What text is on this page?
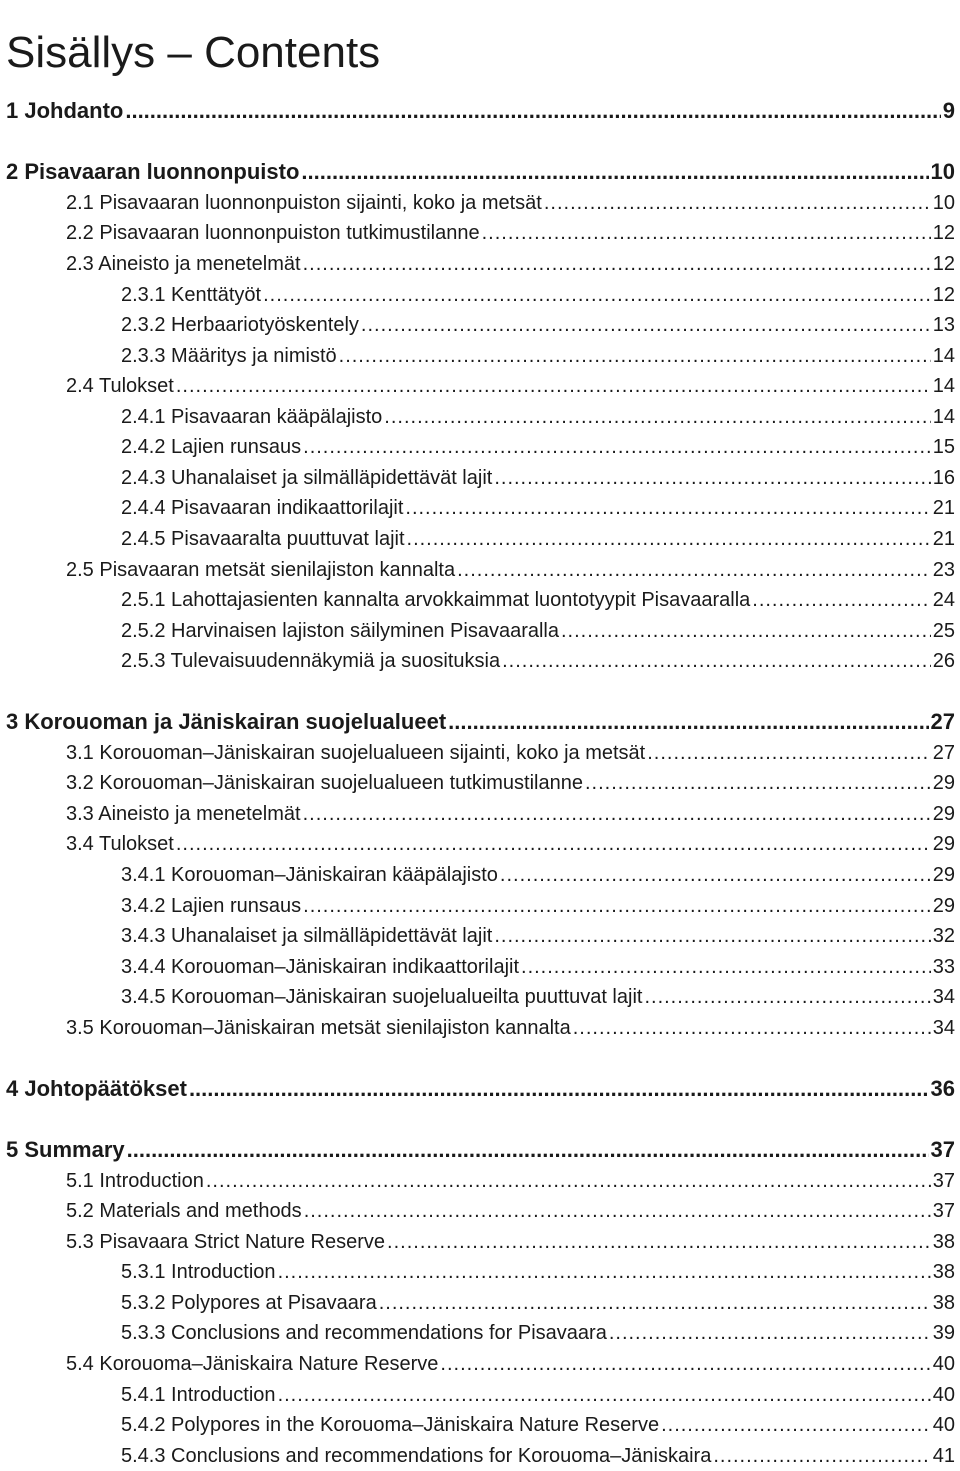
Sisällys – Contents
1 Johdanto .....	9
2 Pisavaaran luonnonpuisto .....	10
2.1 Pisavaaran luonnonpuiston sijainti, koko ja metsät .....	10
2.2 Pisavaaran luonnonpuiston tutkimustilanne .....	12
2.3 Aineisto ja menetelmät .....	12
2.3.1 Kenttätyöt .....	12
2.3.2 Herbaariotyöskentely .....	13
2.3.3 Määritys ja nimistö .....	14
2.4 Tulokset .....	14
2.4.1 Pisavaaran kääpälajisto .....	14
2.4.2 Lajien runsaus .....	15
2.4.3 Uhanalaiset ja silmälläpidettävät lajit .....	16
2.4.4 Pisavaaran indikaattorilajit .....	21
2.4.5 Pisavaaralta puuttuvat lajit .....	21
2.5 Pisavaaran metsät sienilajiston kannalta .....	23
2.5.1 Lahottajasienten kannalta arvokkaimmat luontotyypit Pisavaaralla .....	24
2.5.2 Harvinaisen lajiston säilyminen Pisavaaralla .....	25
2.5.3 Tulevaisuudennäkymiä ja suosituksia .....	26
3 Korouoman ja Jäniskairan suojelualueet .....	27
3.1 Korouoman–Jäniskairan suojelualueen sijainti, koko ja metsät .....	27
3.2 Korouoman–Jäniskairan suojelualueen tutkimustilanne .....	29
3.3 Aineisto ja menetelmät .....	29
3.4 Tulokset .....	29
3.4.1 Korouoman–Jäniskairan kääpälajisto .....	29
3.4.2 Lajien runsaus .....	29
3.4.3 Uhanalaiset ja silmälläpidettävät lajit .....	32
3.4.4 Korouoman–Jäniskairan indikaattorilajit .....	33
3.4.5 Korouoman–Jäniskairan suojelualueilta puuttuvat lajit .....	34
3.5 Korouoman–Jäniskairan metsät sienilajiston kannalta .....	34
4 Johtopäätökset .....	36
5 Summary .....	37
5.1 Introduction .....	37
5.2 Materials and methods .....	37
5.3 Pisavaara Strict Nature Reserve .....	38
5.3.1 Introduction .....	38
5.3.2 Polypores at Pisavaara .....	38
5.3.3 Conclusions and recommendations for Pisavaara .....	39
5.4 Korouoma–Jäniskaira Nature Reserve .....	40
5.4.1 Introduction .....	40
5.4.2 Polypores in the Korouoma–Jäniskaira Nature Reserve .....	40
5.4.3 Conclusions and recommendations for Korouoma–Jäniskaira .....	41
